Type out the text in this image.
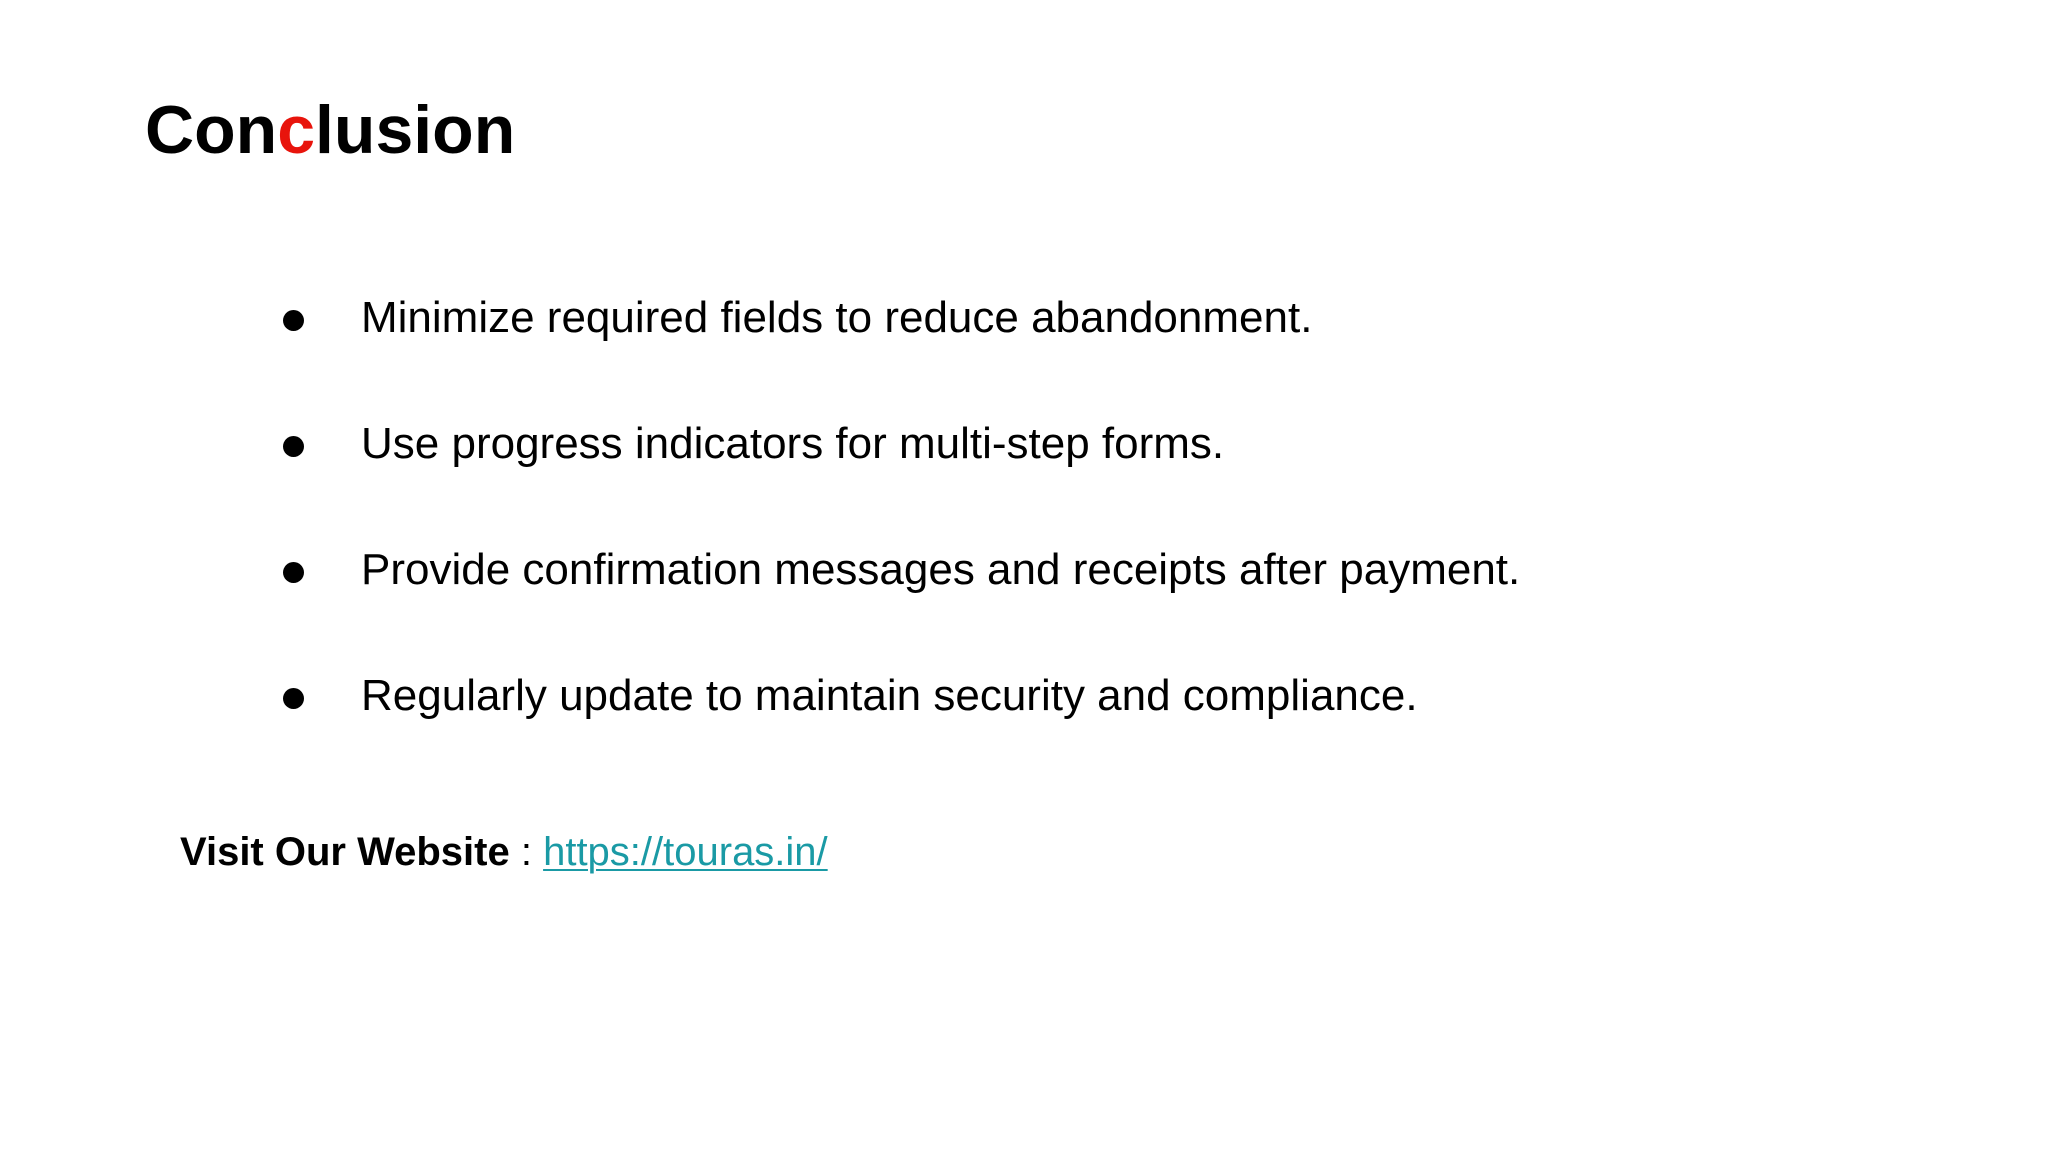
Conclusion
Minimize required fields to reduce abandonment.
Use progress indicators for multi-step forms.
Provide confirmation messages and receipts after payment.
Regularly update to maintain security and compliance.
Visit Our Website : https://touras.in/
